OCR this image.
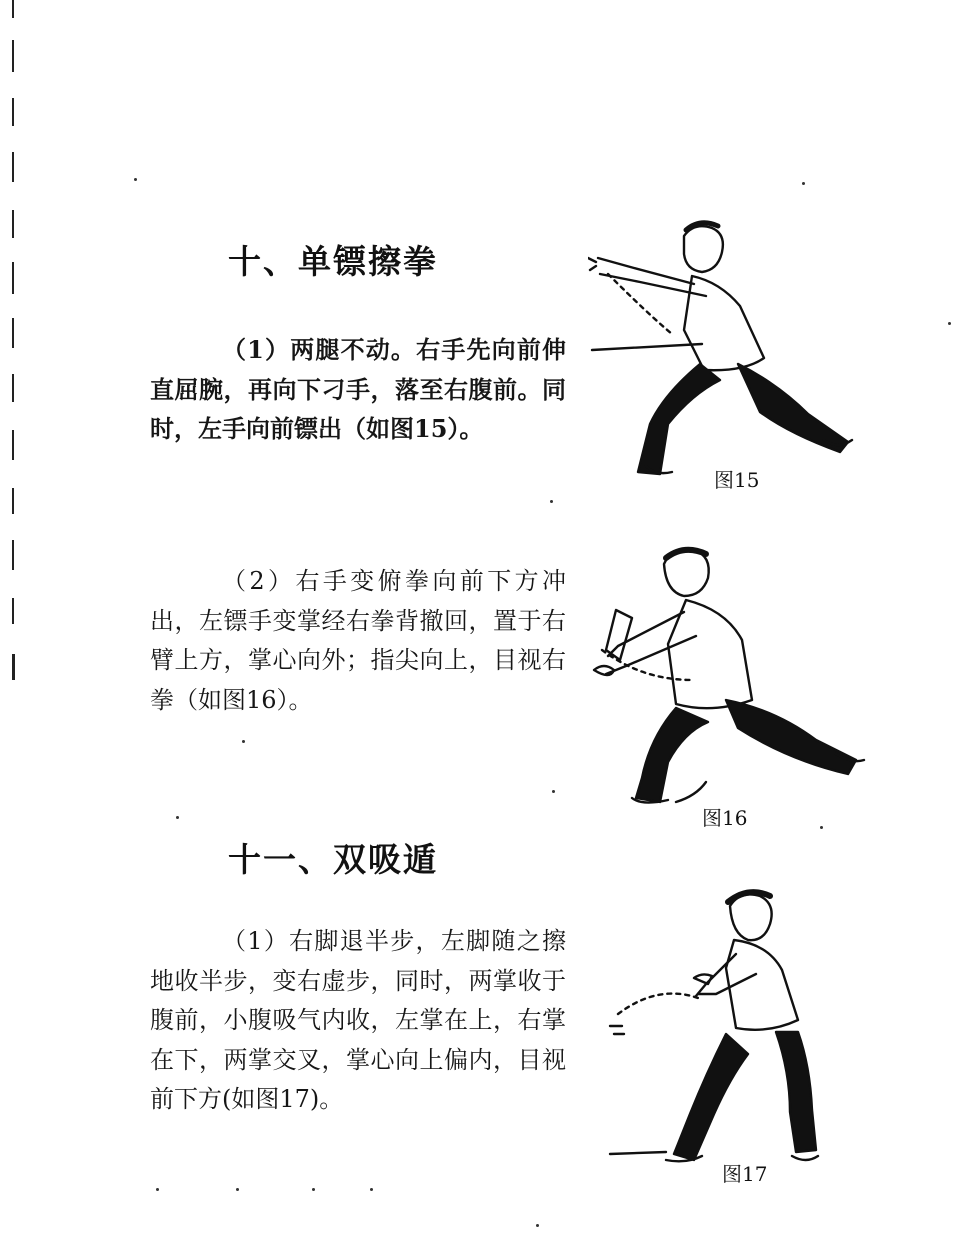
十、单镖擦拳
（1）两腿不动。右手先向前伸直屈腕，再向下刁手，落至右腹前。同时，左手向前镖出（如图15）。
图15
（2）右手变俯拳向前下方冲出，左镖手变掌经右拳背撤回，置于右臂上方，掌心向外；指尖向上，目视右拳（如图16）。
图16
十一、双吸遁
（1）右脚退半步，左脚随之擦地收半步，变右虚步，同时，两掌收于腹前，小腹吸气内收，左掌在上，右掌在下，两掌交叉，掌心向上偏内，目视前下方(如图17)。
图17
